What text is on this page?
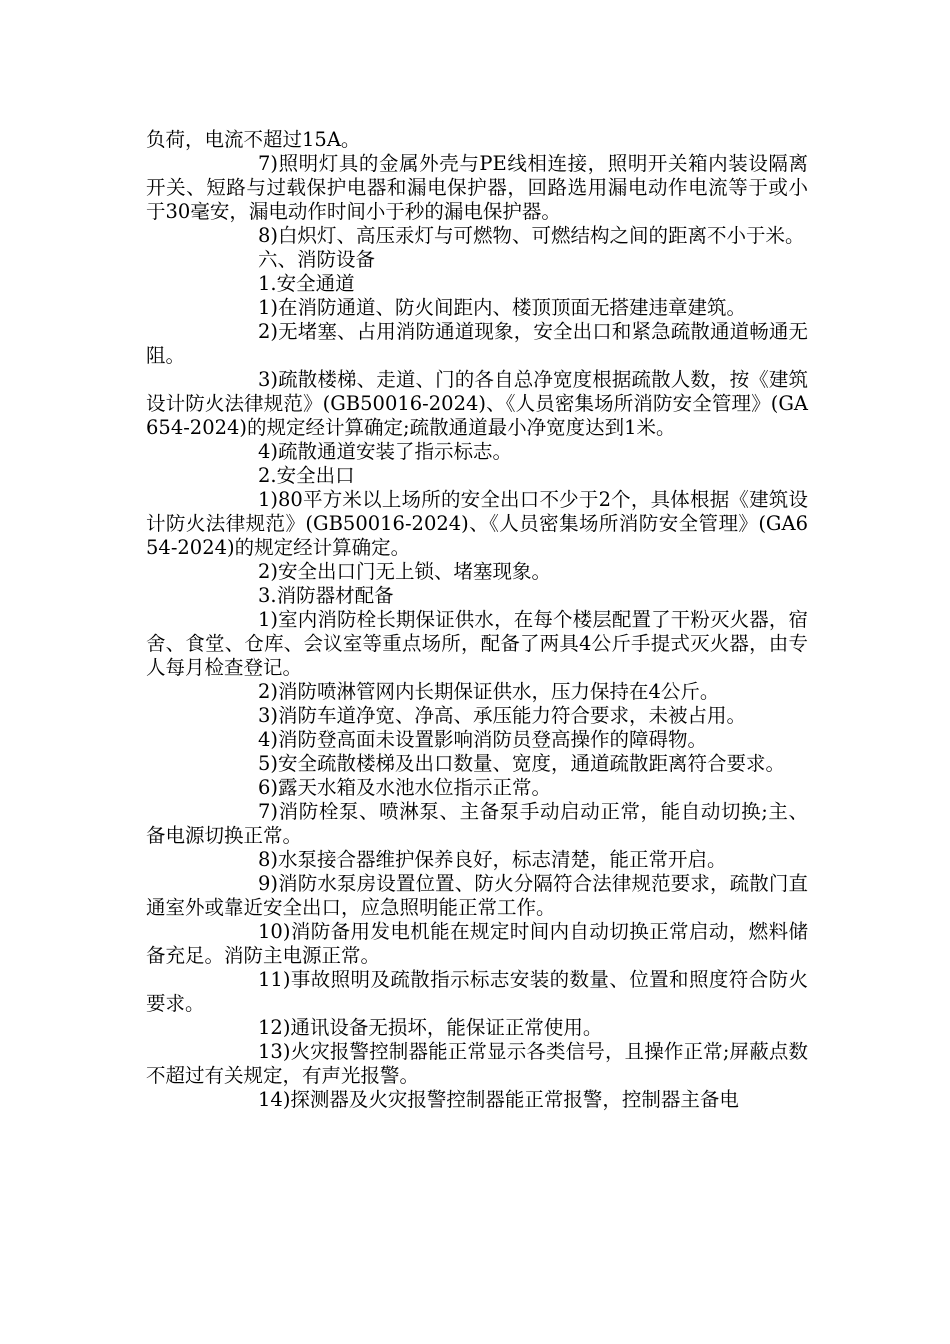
负荷，电流不超过15A。

7)照明灯具的金属外壳与PE线相连接，照明开关箱内装设隔离开关、短路与过载保护电器和漏电保护器，回路选用漏电动作电流等于或小于30毫安，漏电动作时间小于秒的漏电保护器。

8)白炽灯、高压汞灯与可燃物、可燃结构之间的距离不小于米。

六、消防设备

1.安全通道

1)在消防通道、防火间距内、楼顶顶面无搭建违章建筑。

2)无堵塞、占用消防通道现象，安全出口和紧急疏散通道畅通无阻。

3)疏散楼梯、走道、门的各自总净宽度根据疏散人数，按《建筑设计防火法律规范》(GB50016-2024)、《人员密集场所消防安全管理》(GA654-2024)的规定经计算确定;疏散通道最小净宽度达到1米。

4)疏散通道安装了指示标志。

2.安全出口

1)80平方米以上场所的安全出口不少于2个，具体根据《建筑设计防火法律规范》(GB50016-2024)、《人员密集场所消防安全管理》(GA654-2024)的规定经计算确定。

2)安全出口门无上锁、堵塞现象。

3.消防器材配备

1)室内消防栓长期保证供水，在每个楼层配置了干粉灭火器，宿舍、食堂、仓库、会议室等重点场所，配备了两具4公斤手提式灭火器，由专人每月检查登记。

2)消防喷淋管网内长期保证供水，压力保持在4公斤。

3)消防车道净宽、净高、承压能力符合要求，未被占用。

4)消防登高面未设置影响消防员登高操作的障碍物。

5)安全疏散楼梯及出口数量、宽度，通道疏散距离符合要求。

6)露天水箱及水池水位指示正常。

7)消防栓泵、喷淋泵、主备泵手动启动正常，能自动切换;主、备电源切换正常。

8)水泵接合器维护保养良好，标志清楚，能正常开启。

9)消防水泵房设置位置、防火分隔符合法律规范要求，疏散门直通室外或靠近安全出口，应急照明能正常工作。

10)消防备用发电机能在规定时间内自动切换正常启动，燃料储备充足。消防主电源正常。

11)事故照明及疏散指示标志安装的数量、位置和照度符合防火要求。

12)通讯设备无损坏，能保证正常使用。

13)火灾报警控制器能正常显示各类信号，且操作正常;屏蔽点数不超过有关规定，有声光报警。

14)探测器及火灾报警控制器能正常报警，控制器主备电
